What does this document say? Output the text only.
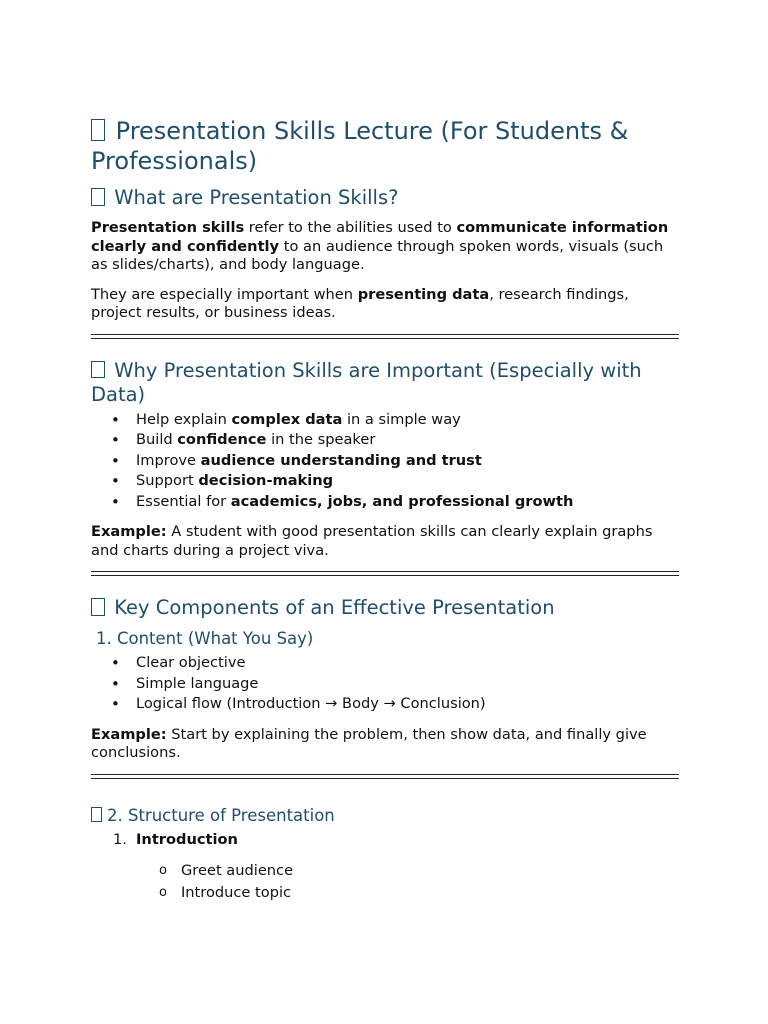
Presentation Skills Lecture (For Students & Professionals)
What are Presentation Skills?

Presentation skills refer to the abilities used to communicate information clearly and confidently to an audience through spoken words, visuals (such as slides/charts), and body language.

They are especially important when presenting data, research findings, project results, or business ideas.

Why Presentation Skills are Important (Especially with Data)
• Help explain complex data in a simple way
• Build confidence in the speaker
• Improve audience understanding and trust
• Support decision-making
• Essential for academics, jobs, and professional growth

Example: A student with good presentation skills can clearly explain graphs and charts during a project viva.

Key Components of an Effective Presentation
1. Content (What You Say)
• Clear objective
• Simple language
• Logical flow (Introduction → Body → Conclusion)

Example: Start by explaining the problem, then show data, and finally give conclusions.

2. Structure of Presentation
1. Introduction
o Greet audience
o Introduce topic
